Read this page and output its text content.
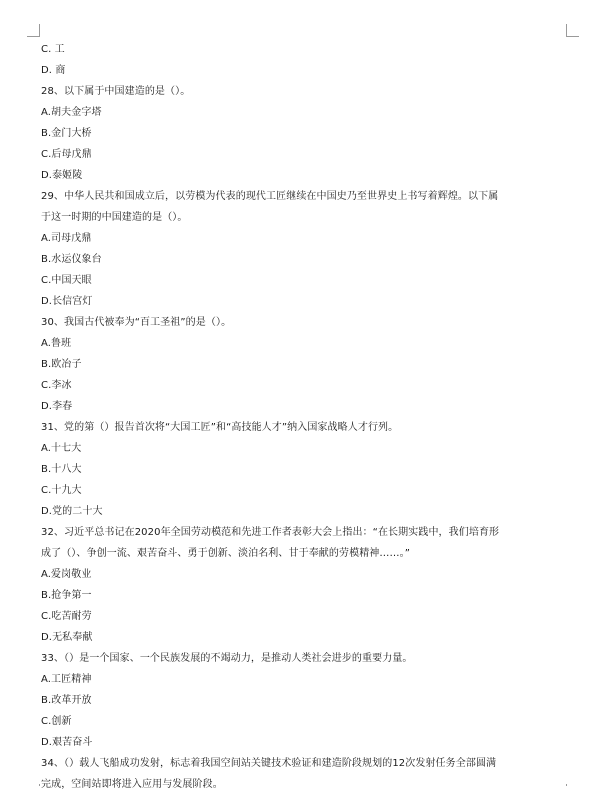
C. 工
D. 商
28、以下属于中国建造的是（）。
A.胡夫金字塔
B.金门大桥
C.后母戊鼎
D.泰姬陵
29、中华人民共和国成立后，以劳模为代表的现代工匠继续在中国史乃至世界史上书写着辉煌。以下属
于这一时期的中国建造的是（）。
A.司母戊鼎
B.水运仪象台
C.中国天眼
D.长信宫灯
30、我国古代被奉为“百工圣祖”的是（）。
A.鲁班
B.欧冶子
C.李冰
D.李春
31、党的第（）报告首次将“大国工匠”和“高技能人才”纳入国家战略人才行列。
A.十七大
B.十八大
C.十九大
D.党的二十大
32、习近平总书记在2020年全国劳动模范和先进工作者表彰大会上指出：“在长期实践中，我们培育形
成了（）、争创一流、艰苦奋斗、勇于创新、淡泊名利、甘于奉献的劳模精神……。”
A.爱岗敬业
B.抢争第一
C.吃苦耐劳
D.无私奉献
33、（）是一个国家、一个民族发展的不竭动力，是推动人类社会进步的重要力量。
A.工匠精神
B.改革开放
C.创新
D.艰苦奋斗
34、（）载人飞船成功发射，标志着我国空间站关键技术验证和建造阶段规划的12次发射任务全部圆满
完成，空间站即将进入应用与发展阶段。
